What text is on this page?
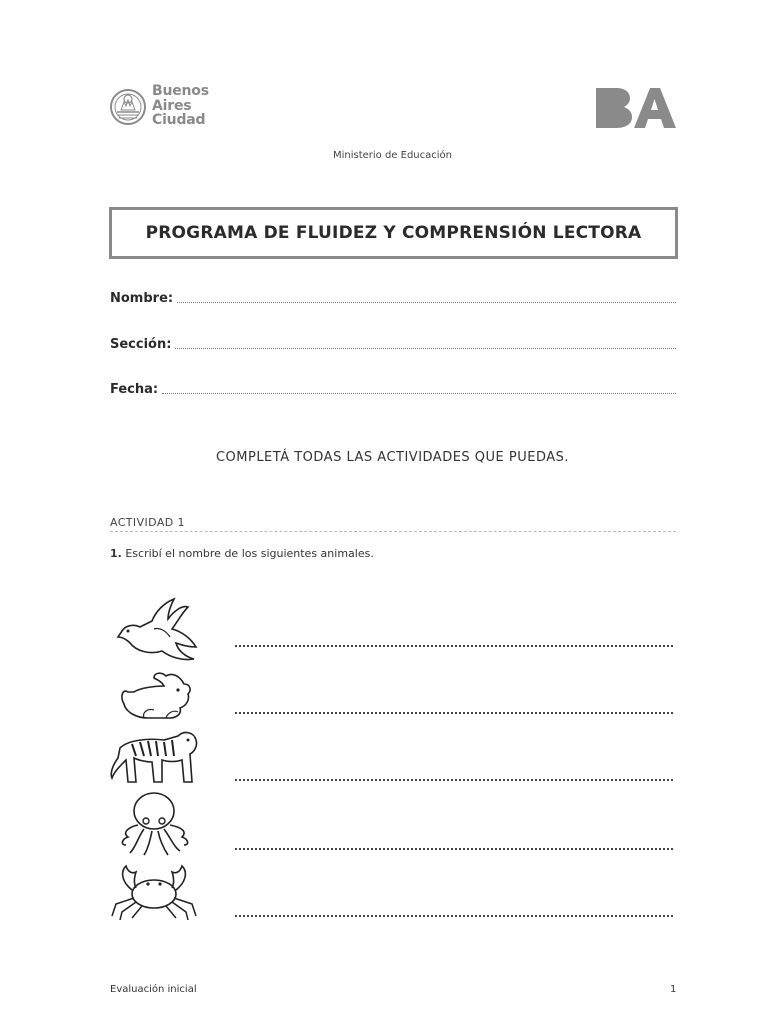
Buenos
Aires
Ciudad
Ministerio de Educación
PROGRAMA DE FLUIDEZ Y COMPRENSIÓN LECTORA
Nombre:
Sección:
Fecha:
COMPLETÁ TODAS LAS ACTIVIDADES QUE PUEDAS.
ACTIVIDAD 1
1. Escribí el nombre de los siguientes animales.
Evaluación inicial	1
